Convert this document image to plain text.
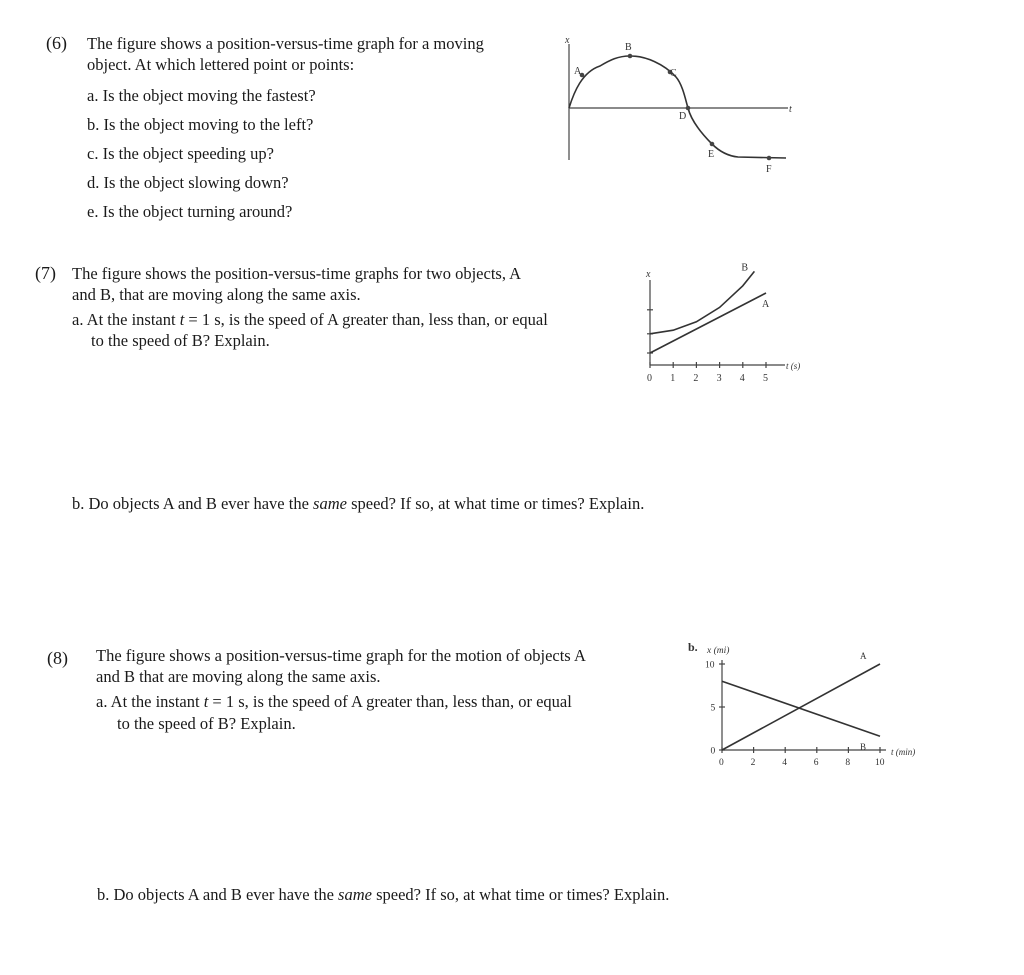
(6) The figure shows a position-versus-time graph for a moving
object. At which lettered point or points:
a. Is the object moving the fastest?
b. Is the object moving to the left?
c. Is the object speeding up?
d. Is the object slowing down?
e. Is the object turning around?
x
t
A
B
C
D
E
F
(7) The figure shows the position-versus-time graphs for two objects, A
and B, that are moving along the same axis.
a. At the instant t = 1 s, is the speed of A greater than, less than, or equal
to the speed of B? Explain.
b. Do objects A and B ever have the same speed? If so, at what time or times? Explain.
x
t (s)
0 1 2 3 4 5
A
B
(8) The figure shows a position-versus-time graph for the motion of objects A
and B that are moving along the same axis.
a. At the instant t = 1 s, is the speed of A greater than, less than, or equal
to the speed of B? Explain.
b. Do objects A and B ever have the same speed? If so, at what time or times? Explain.
b. x (mi)
t (min)
0	2	4	6	8	10
0
5
10
A
B
